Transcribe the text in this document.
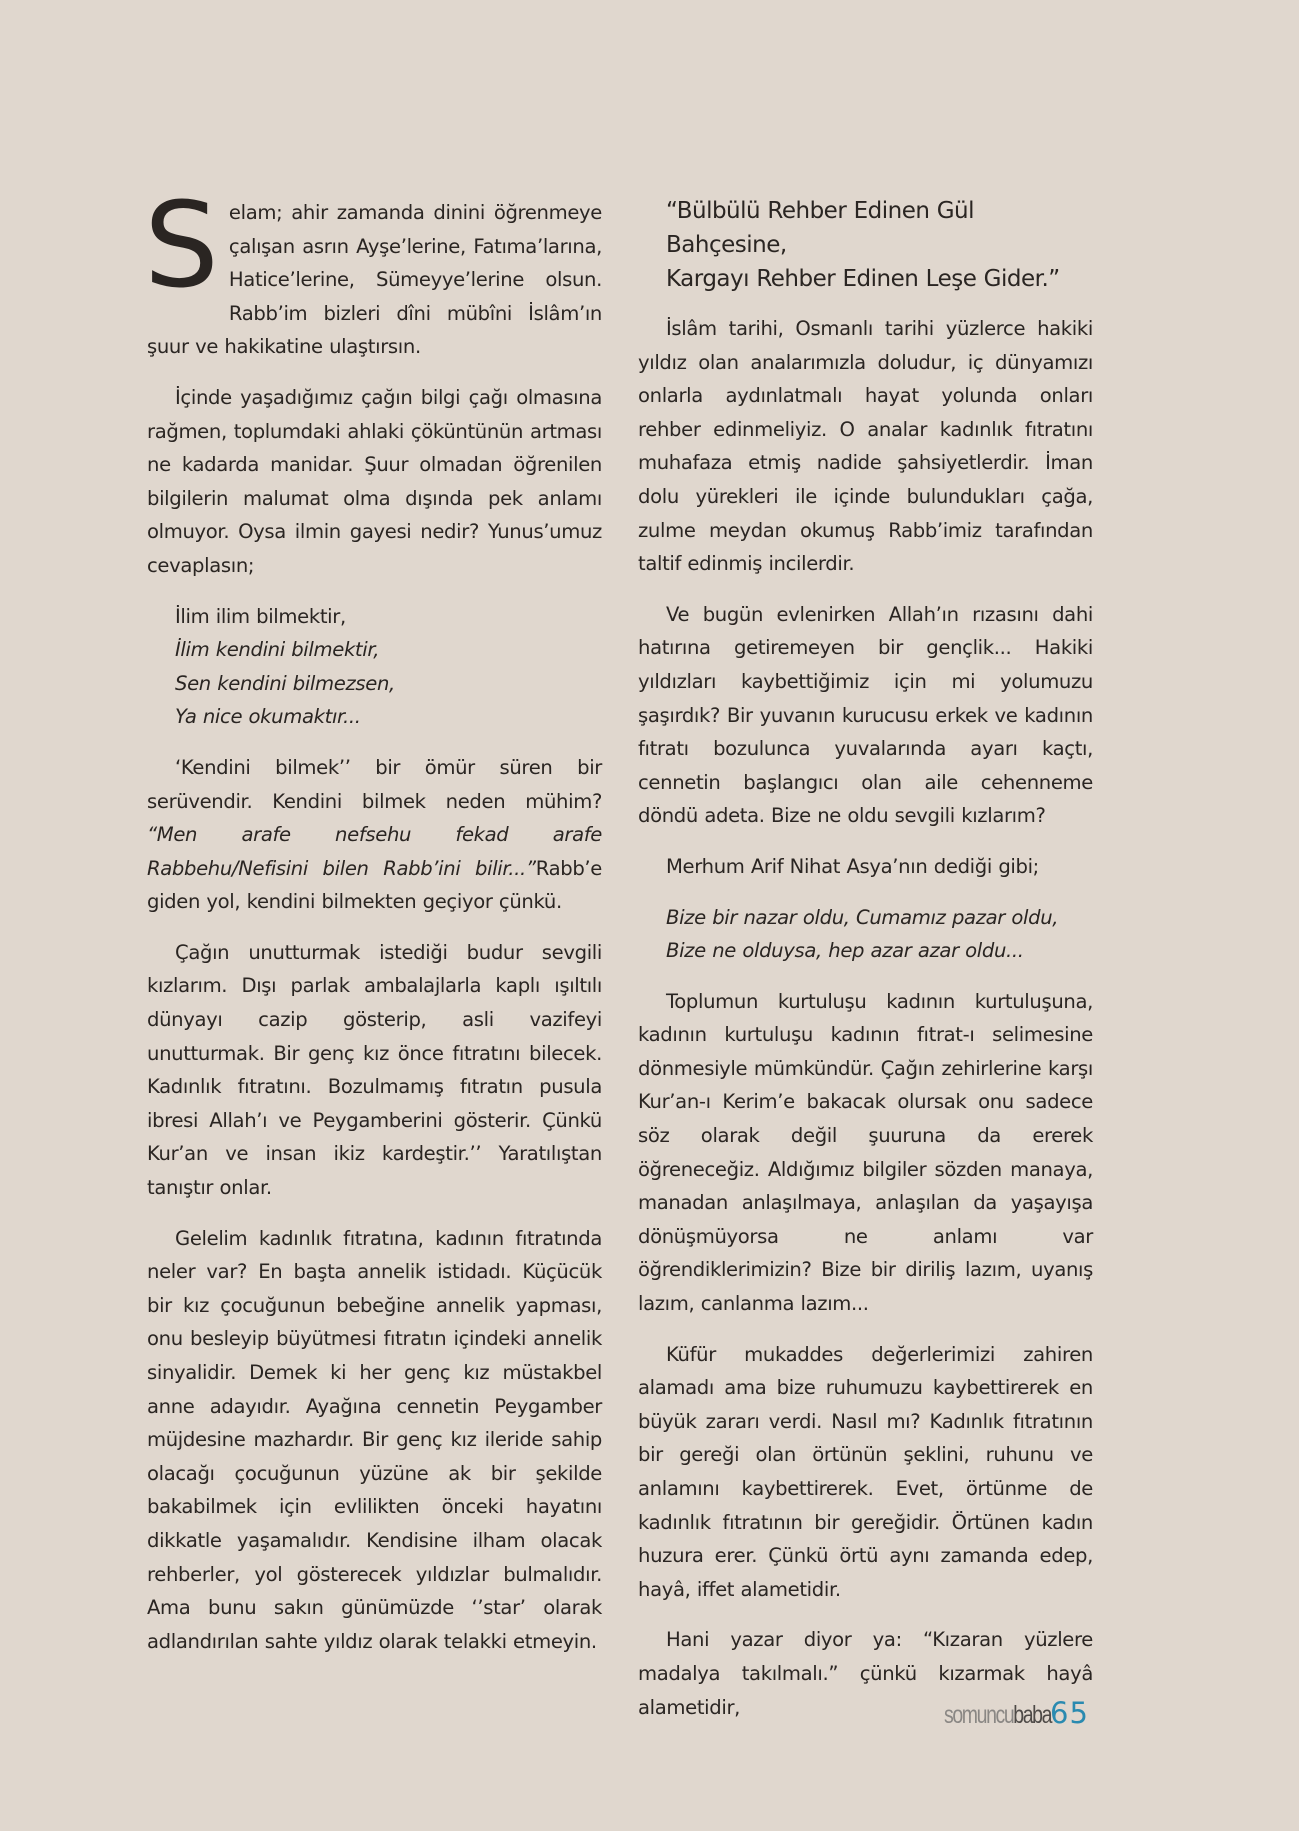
Selam; ahir zamanda dinini öğrenmeye çalışan asrın Ayşe’lerine, Fatıma’larına, Hatice’lerine, Sümeyye’lerine olsun. Rabb’im bizleri dîni mübîni İslâm’ın şuur ve hakikatine ulaştırsın.

İçinde yaşadığımız çağın bilgi çağı olmasına rağmen, toplumdaki ahlaki çöküntünün artması ne kadarda manidar. Şuur olmadan öğrenilen bilgilerin malumat olma dışında pek anlamı olmuyor. Oysa ilmin gayesi nedir? Yunus’umuz cevaplasın;

İlim ilim bilmektir,
İlim kendini bilmektir,
Sen kendini bilmezsen,
Ya nice okumaktır...

‘Kendini bilmek’’ bir ömür süren bir serüvendir. Kendini bilmek neden mühim? “Men arafe nefsehu fekad arafe Rabbehu/Nefisini bilen Rabb’ini bilir...”Rabb’e giden yol, kendini bilmekten geçiyor çünkü.

Çağın unutturmak istediği budur sevgili kızlarım. Dışı parlak ambalajlarla kaplı ışıltılı dünyayı cazip gösterip, asli vazifeyi unutturmak. Bir genç kız önce fıtratını bilecek. Kadınlık fıtratını. Bozulmamış fıtratın pusula ibresi Allah’ı ve Peygamberini gösterir. Çünkü Kur’an ve insan ikiz kardeştir.’’ Yaratılıştan tanıştır onlar.

Gelelim kadınlık fıtratına, kadının fıtratında neler var? En başta annelik istidadı. Küçücük bir kız çocuğunun bebeğine annelik yapması, onu besleyip büyütmesi fıtratın içindeki annelik sinyalidir. Demek ki her genç kız müstakbel anne adayıdır. Ayağına cennetin Peygamber müjdesine mazhardır. Bir genç kız ileride sahip olacağı çocuğunun yüzüne ak bir şekilde bakabilmek için evlilikten önceki hayatını dikkatle yaşamalıdır. Kendisine ilham olacak rehberler, yol gösterecek yıldızlar bulmalıdır. Ama bunu sakın günümüzde ‘’star’ olarak adlandırılan sahte yıldız olarak telakki etmeyin.

“Bülbülü Rehber Edinen Gül Bahçesine,
Kargayı Rehber Edinen Leşe Gider.”

İslâm tarihi, Osmanlı tarihi yüzlerce hakiki yıldız olan analarımızla doludur, iç dünyamızı onlarla aydınlatmalı hayat yolunda onları rehber edinmeliyiz. O analar kadınlık fıtratını muhafaza etmiş nadide şahsiyetlerdir. İman dolu yürekleri ile içinde bulundukları çağa, zulme meydan okumuş Rabb’imiz tarafından taltif edinmiş incilerdir.

Ve bugün evlenirken Allah’ın rızasını dahi hatırına getiremeyen bir gençlik... Hakiki yıldızları kaybettiğimiz için mi yolumuzu şaşırdık? Bir yuvanın kurucusu erkek ve kadının fıtratı bozulunca yuvalarında ayarı kaçtı, cennetin başlangıcı olan aile cehenneme döndü adeta. Bize ne oldu sevgili kızlarım?

Merhum Arif Nihat Asya’nın dediği gibi;

Bize bir nazar oldu, Cumamız pazar oldu,
Bize ne olduysa, hep azar azar oldu...

Toplumun kurtuluşu kadının kurtuluşuna, kadının kurtuluşu kadının fıtrat-ı selimesine dönmesiyle mümkündür. Çağın zehirlerine karşı Kur’an-ı Kerim’e bakacak olursak onu sadece söz olarak değil şuuruna da ererek öğreneceğiz. Aldığımız bilgiler sözden manaya, manadan anlaşılmaya, anlaşılan da yaşayışa dönüşmüyorsa ne anlamı var öğrendiklerimizin? Bize bir diriliş lazım, uyanış lazım, canlanma lazım...

Küfür mukaddes değerlerimizi zahiren alamadı ama bize ruhumuzu kaybettirerek en büyük zararı verdi. Nasıl mı? Kadınlık fıtratının bir gereği olan örtünün şeklini, ruhunu ve anlamını kaybettirerek. Evet, örtünme de kadınlık fıtratının bir gereğidir. Örtünen kadın huzura erer. Çünkü örtü aynı zamanda edep, hayâ, iffet alametidir.

Hani yazar diyor ya: “Kızaran yüzlere madalya takılmalı.” çünkü kızarmak hayâ alametidir,	somuncubaba
65
